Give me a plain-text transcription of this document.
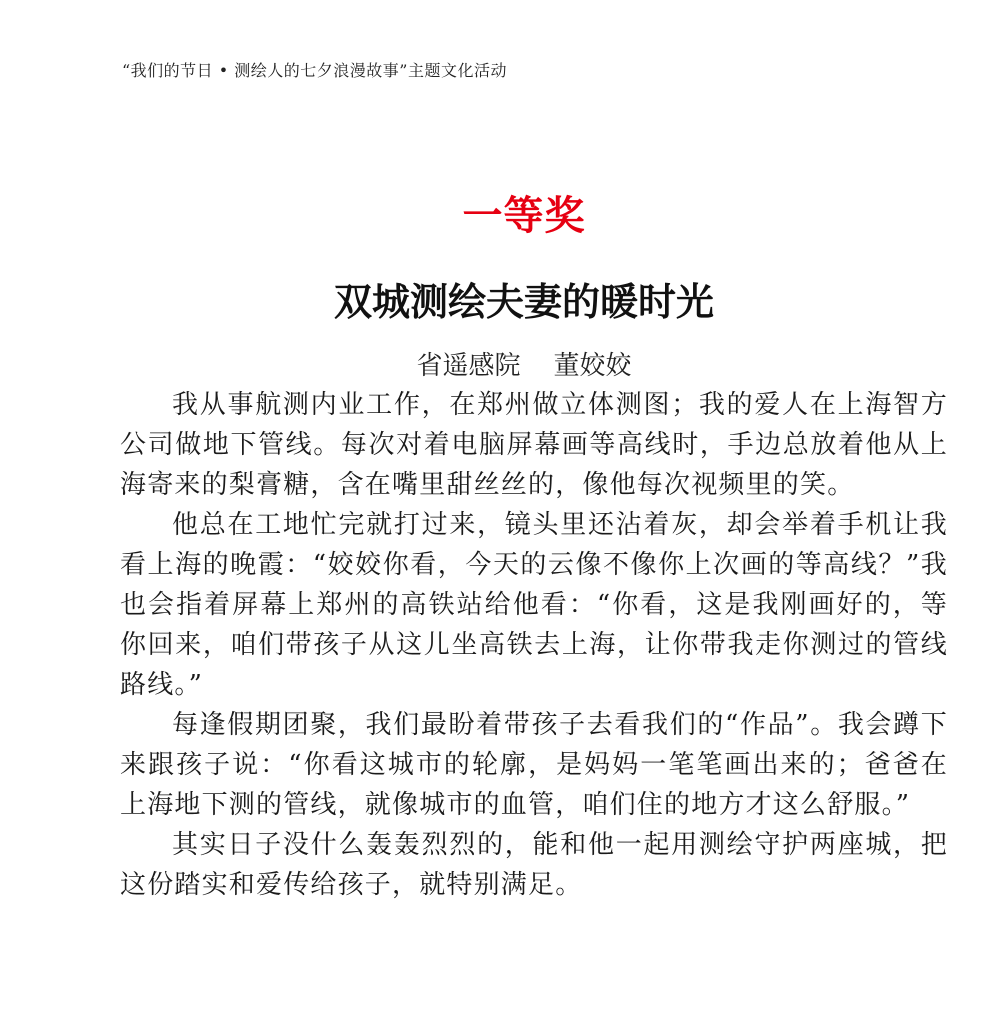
“我们的节日 • 测绘人的七夕浪漫故事”主题文化活动
一等奖
双城测绘夫妻的暖时光
省遥感院    董姣姣

我从事航测内业工作，在郑州做立体测图；我的爱人在上海智方公司做地下管线。每次对着电脑屏幕画等高线时，手边总放着他从上海寄来的梨膏糖，含在嘴里甜丝丝的，像他每次视频里的笑。

他总在工地忙完就打过来，镜头里还沾着灰，却会举着手机让我看上海的晚霞：“姣姣你看，今天的云像不像你上次画的等高线？”我也会指着屏幕上郑州的高铁站给他看：“你看，这是我刚画好的，等你回来，咱们带孩子从这儿坐高铁去上海，让你带我走你测过的管线路线。”

每逢假期团聚，我们最盼着带孩子去看我们的“作品”。我会蹲下来跟孩子说：“你看这城市的轮廓，是妈妈一笔笔画出来的；爸爸在上海地下测的管线，就像城市的血管，咱们住的地方才这么舒服。”

其实日子没什么轰轰烈烈的，能和他一起用测绘守护两座城，把这份踏实和爱传给孩子，就特别满足。
